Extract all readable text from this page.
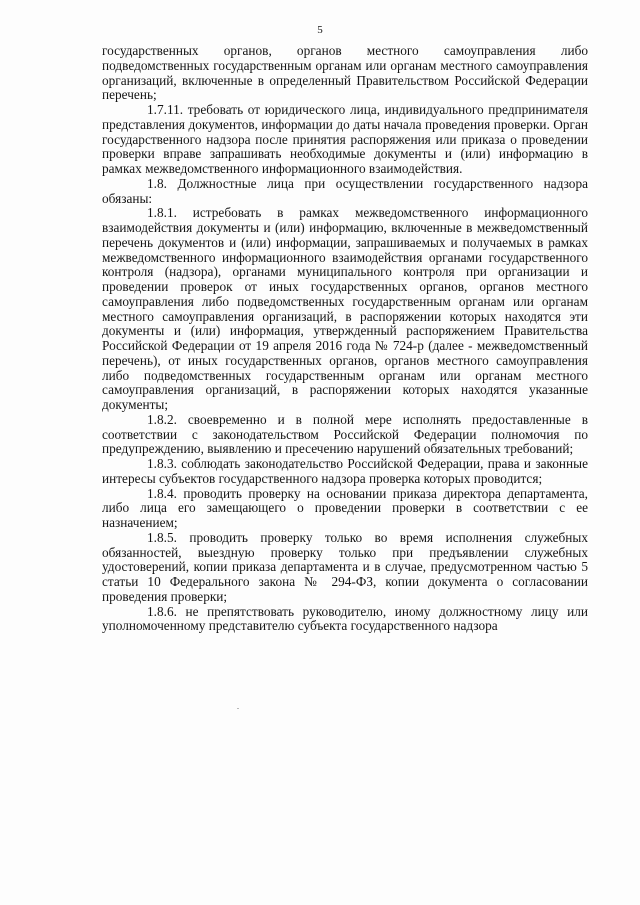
5

государственных органов, органов местного самоуправления либо подведомственных государственным органам или органам местного самоуправления организаций, включенные в определенный Правительством Российской Федерации перечень;

1.7.11. требовать от юридического лица, индивидуального предпринимателя представления документов, информации до даты начала проведения проверки. Орган государственного надзора после принятия распоряжения или приказа о проведении проверки вправе запрашивать необходимые документы и (или) информацию в рамках межведомственного информационного взаимодействия.

1.8. Должностные лица при осуществлении государственного надзора обязаны:

1.8.1. истребовать в рамках межведомственного информационного взаимодействия документы и (или) информацию, включенные в межведомственный перечень документов и (или) информации, запрашиваемых и получаемых в рамках межведомственного информационного взаимодействия органами государственного контроля (надзора), органами муниципального контроля при организации и проведении проверок от иных государственных органов, органов местного самоуправления либо подведомственных государственным органам или органам местного самоуправления организаций, в распоряжении которых находятся эти документы и (или) информация, утвержденный распоряжением Правительства Российской Федерации от 19 апреля 2016 года № 724-р (далее - межведомственный перечень), от иных государственных органов, органов местного самоуправления либо подведомственных государственным органам или органам местного самоуправления организаций, в распоряжении которых находятся указанные документы;

1.8.2. своевременно и в полной мере исполнять предоставленные в соответствии с законодательством Российской Федерации полномочия по предупреждению, выявлению и пресечению нарушений обязательных требований;

1.8.3. соблюдать законодательство Российской Федерации, права и законные интересы субъектов государственного надзора проверка которых проводится;

1.8.4. проводить проверку на основании приказа директора департамента, либо лица его замещающего о проведении проверки в соответствии с ее назначением;

1.8.5. проводить проверку только во время исполнения служебных обязанностей, выездную проверку только при предъявлении служебных удостоверений, копии приказа департамента и в случае, предусмотренном частью 5 статьи 10 Федерального закона № 294-ФЗ, копии документа о согласовании проведения проверки;

1.8.6. не препятствовать руководителю, иному должностному лицу или уполномоченному представителю субъекта государственного надзора
